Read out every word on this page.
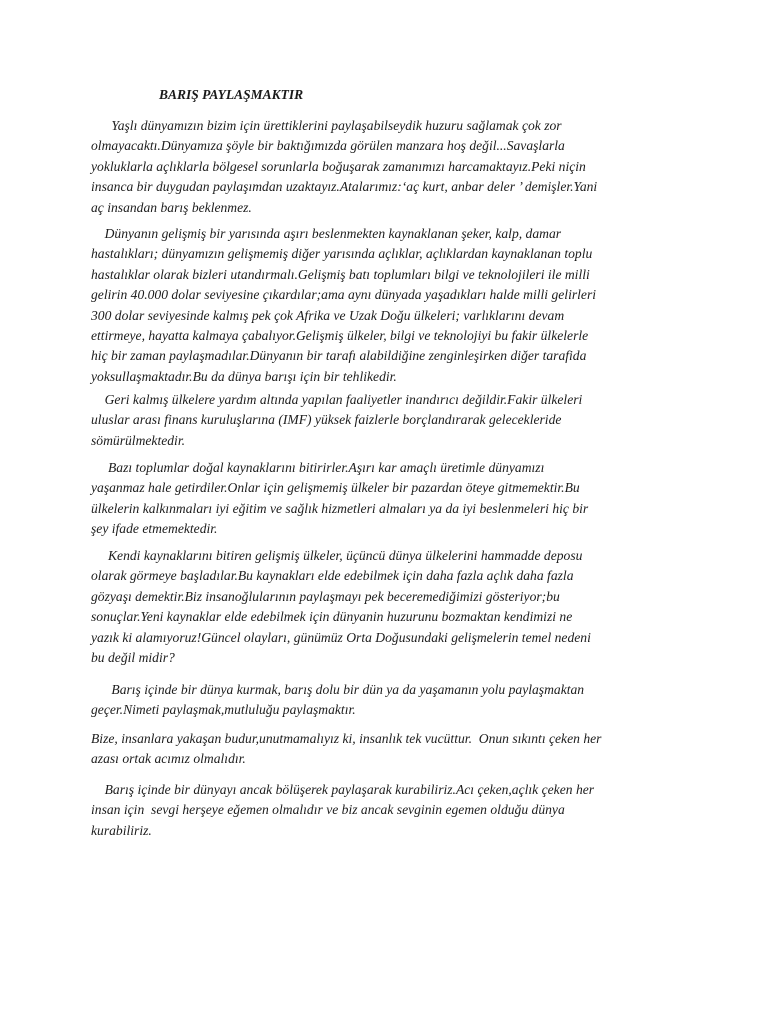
BARIŞ PAYLAŞMAKTIR
Yaşlı dünyamızın bizim için ürettiklerini paylaşabilseydik huzuru sağlamak çok zor
olmayacaktı.Dünyamıza şöyle bir baktığımızda görülen manzara hoş değil...Savaşlarla
yokluklarla açlıklarla bölgesel sorunlarla boğuşarak zamanımızı harcamaktayız.Peki niçin
insanca bir duygudan paylaşımdan uzaktayız.Atalarımız:‘aç kurt, anbar deler ’ demişler.Yani
aç insandan barış beklenmez.
Dünyanın gelişmiş bir yarısında aşırı beslenmekten kaynaklanan şeker, kalp, damar
hastalıkları; dünyamızın gelişmemiş diğer yarısında açlıklar, açlıklardan kaynaklanan toplu
hastalıklar olarak bizleri utandırmalı.Gelişmiş batı toplumları bilgi ve teknolojileri ile milli
gelirin 40.000 dolar seviyesine çıkardılar;ama aynı dünyada yaşadıkları halde milli gelirleri
300 dolar seviyesinde kalmış pek çok Afrika ve Uzak Doğu ülkeleri; varlıklarını devam
ettirmeye, hayatta kalmaya çabalıyor.Gelişmiş ülkeler, bilgi ve teknolojiyi bu fakir ülkelerle
hiç bir zaman paylaşmadılar.Dünyanın bir tarafı alabildiğine zenginleşirken diğer tarafida
yoksullaşmaktadır.Bu da dünya barışı için bir tehlikedir.
Geri kalmış ülkelere yardım altında yapılan faaliyetler inandırıcı değildir.Fakir ülkeleri
uluslar arası finans kuruluşlarına (IMF) yüksek faizlerle borçlandırarak gelecekleride
sömürülmektedir.
Bazı toplumlar doğal kaynaklarını bitirirler.Aşırı kar amaçlı üretimle dünyamızı
yaşanmaz hale getirdiler.Onlar için gelişmemiş ülkeler bir pazardan öteye gitmemektir.Bu
ülkelerin kalkınmaları iyi eğitim ve sağlık hizmetleri almaları ya da iyi beslenmeleri hiç bir
şey ifade etmemektedir.
Kendi kaynaklarını bitiren gelişmiş ülkeler, üçüncü dünya ülkelerini hammadde deposu
olarak görmeye başladılar.Bu kaynakları elde edebilmek için daha fazla açlık daha fazla
gözyaşı demektir.Biz insanoğlularının paylaşmayı pek beceremediğimizi gösteriyor;bu
sonuçlar.Yeni kaynaklar elde edebilmek için dünyanin huzurunu bozmaktan kendimizi ne
yazık ki alamıyoruz!Güncel olayları, günümüz Orta Doğusundaki gelişmelerin temel nedeni
bu değil midir?
Barış içinde bir dünya kurmak, barış dolu bir dün ya da yaşamanın yolu paylaşmaktan
geçer.Nimeti paylaşmak,mutluluğu paylaşmaktır.
Bize, insanlara yakaşan budur,unutmamalıyız ki, insanlık tek vucüttur.  Onun sıkıntı çeken her
azası ortak acımız olmalıdır.
Barış içinde bir dünyayı ancak bölüşerek paylaşarak kurabiliriz.Acı çeken,açlık çeken her
insan için  sevgi herşeye eğemen olmalıdır ve biz ancak sevginin egemen olduğu dünya
kurabiliriz.
